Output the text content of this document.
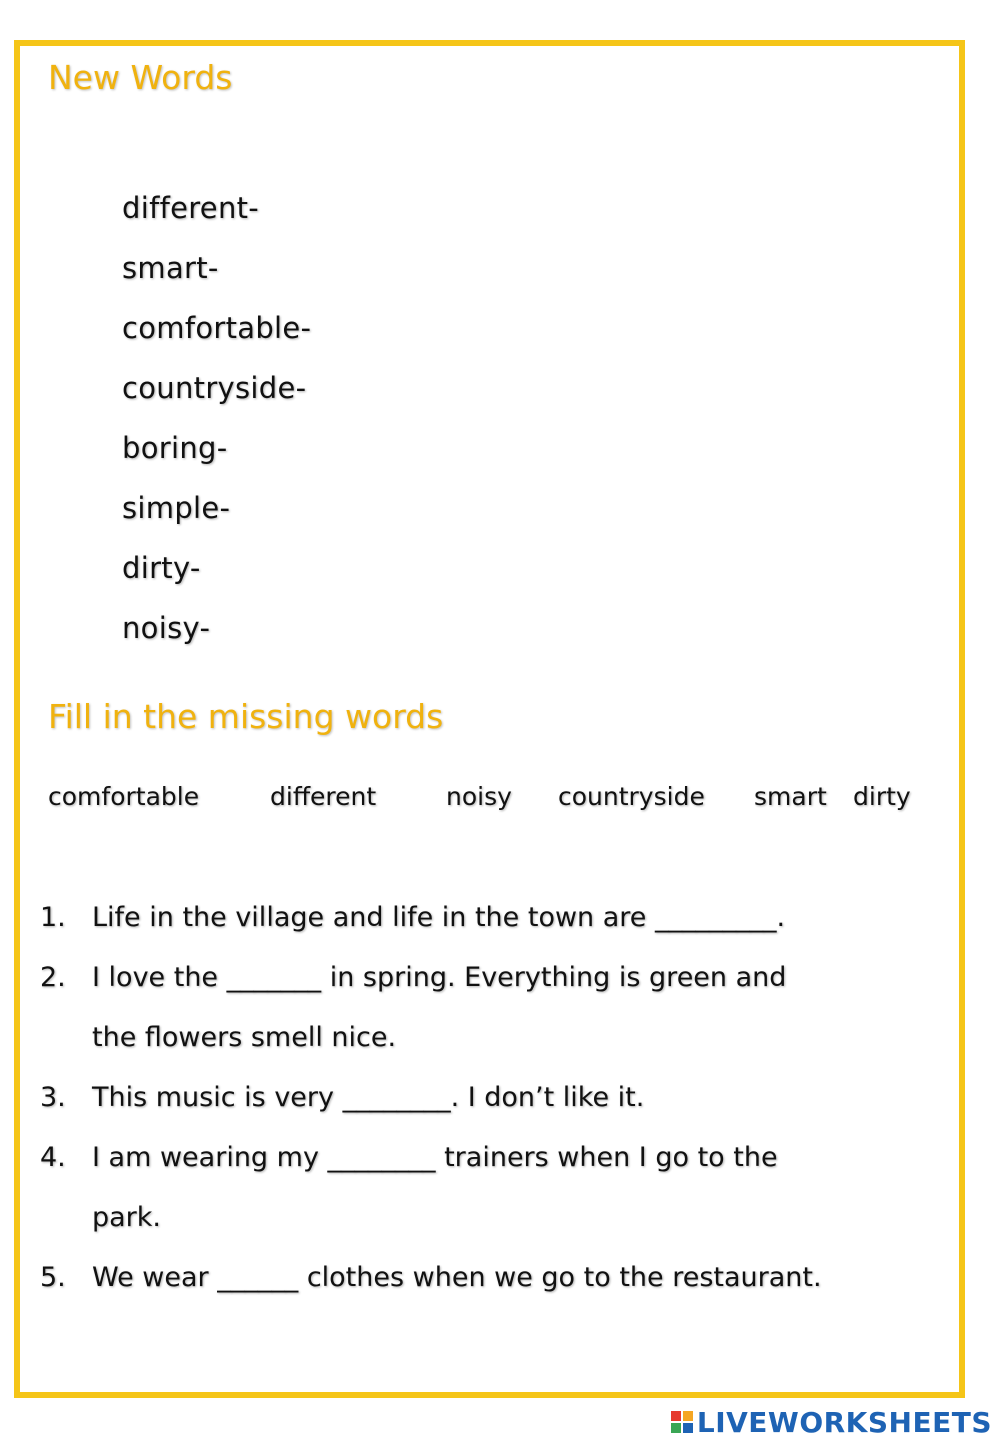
New Words
different-
smart-
comfortable-
countryside-
boring-
simple-
dirty-
noisy-
Fill in the missing words
comfortable	different	noisy countryside smart dirty
1. Life in the village and life in the town are _________.
2. I love the _______ in spring. Everything is green and
the flowers smell nice.
3. This music is very ________. I don’t like it.
4. I am wearing my ________ trainers when I go to the
park.
5. We wear ______ clothes when we go to the restaurant.
LIVEWORKSHEETS
